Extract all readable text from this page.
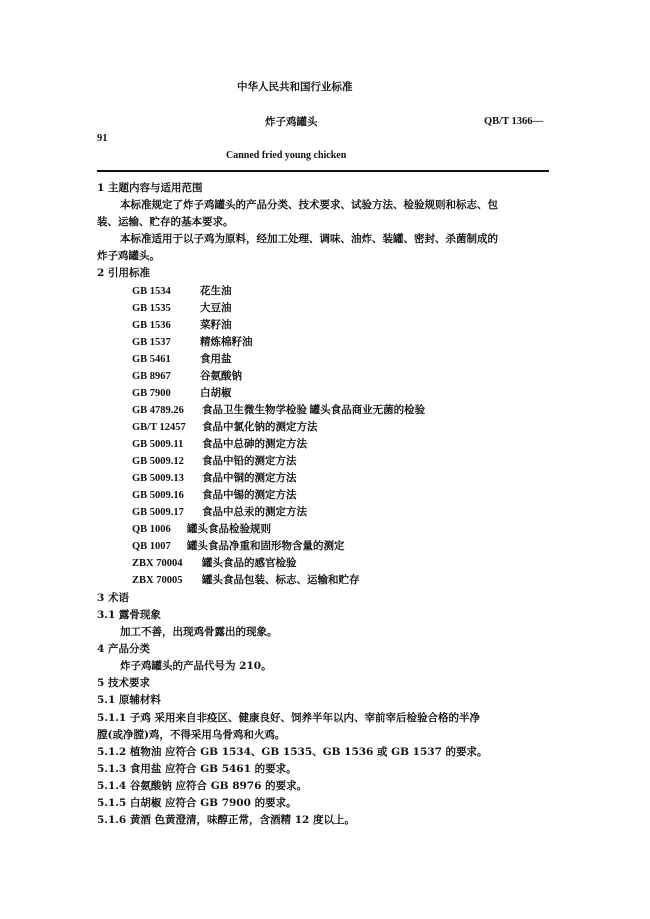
中华人民共和国行业标准
炸子鸡罐头	QB/T 1366—
91
Canned fried young chicken
1 主题内容与适用范围
本标准规定了炸子鸡罐头的产品分类、技术要求、试验方法、检验规则和标志、包
装、运输、贮存的基本要求。
本标准适用于以子鸡为原料，经加工处理、调味、油炸、装罐、密封、杀菌制成的
炸子鸡罐头。
2 引用标准
GB 1534	花生油
GB 1535	大豆油
GB 1536	菜籽油
GB 1537	精炼棉籽油
GB 5461	食用盐
GB 8967	谷氨酸钠
GB 7900	白胡椒
GB 4789.26 食品卫生微生物学检验 罐头食品商业无菌的检验
GB/T 12457 食品中氯化钠的测定方法
GB 5009.11 食品中总砷的测定方法
GB 5009.12 食品中铅的测定方法
GB 5009.13 食品中铜的测定方法
GB 5009.16 食品中锡的测定方法
GB 5009.17 食品中总汞的测定方法
QB 1006 罐头食品检验规则
QB 1007 罐头食品净重和固形物含量的测定
ZBX 70004 罐头食品的感官检验
ZBX 70005 罐头食品包装、标志、运输和贮存
3 术语
3.1 露骨现象
加工不善，出现鸡骨露出的现象。
4 产品分类
炸子鸡罐头的产品代号为 210。
5 技术要求
5.1 原辅材料
5.1.1 子鸡 采用来自非疫区、健康良好、饲养半年以内、宰前宰后检验合格的半净
膛(或净膛)鸡，不得采用乌骨鸡和火鸡。
5.1.2 植物油 应符合 GB 1534、GB 1535、GB 1536 或 GB 1537 的要求。
5.1.3 食用盐 应符合 GB 5461 的要求。
5.1.4 谷氨酸钠 应符合 GB 8976 的要求。
5.1.5 白胡椒 应符合 GB 7900 的要求。
5.1.6 黄酒 色黄澄清，味醇正常，含酒精 12 度以上。
